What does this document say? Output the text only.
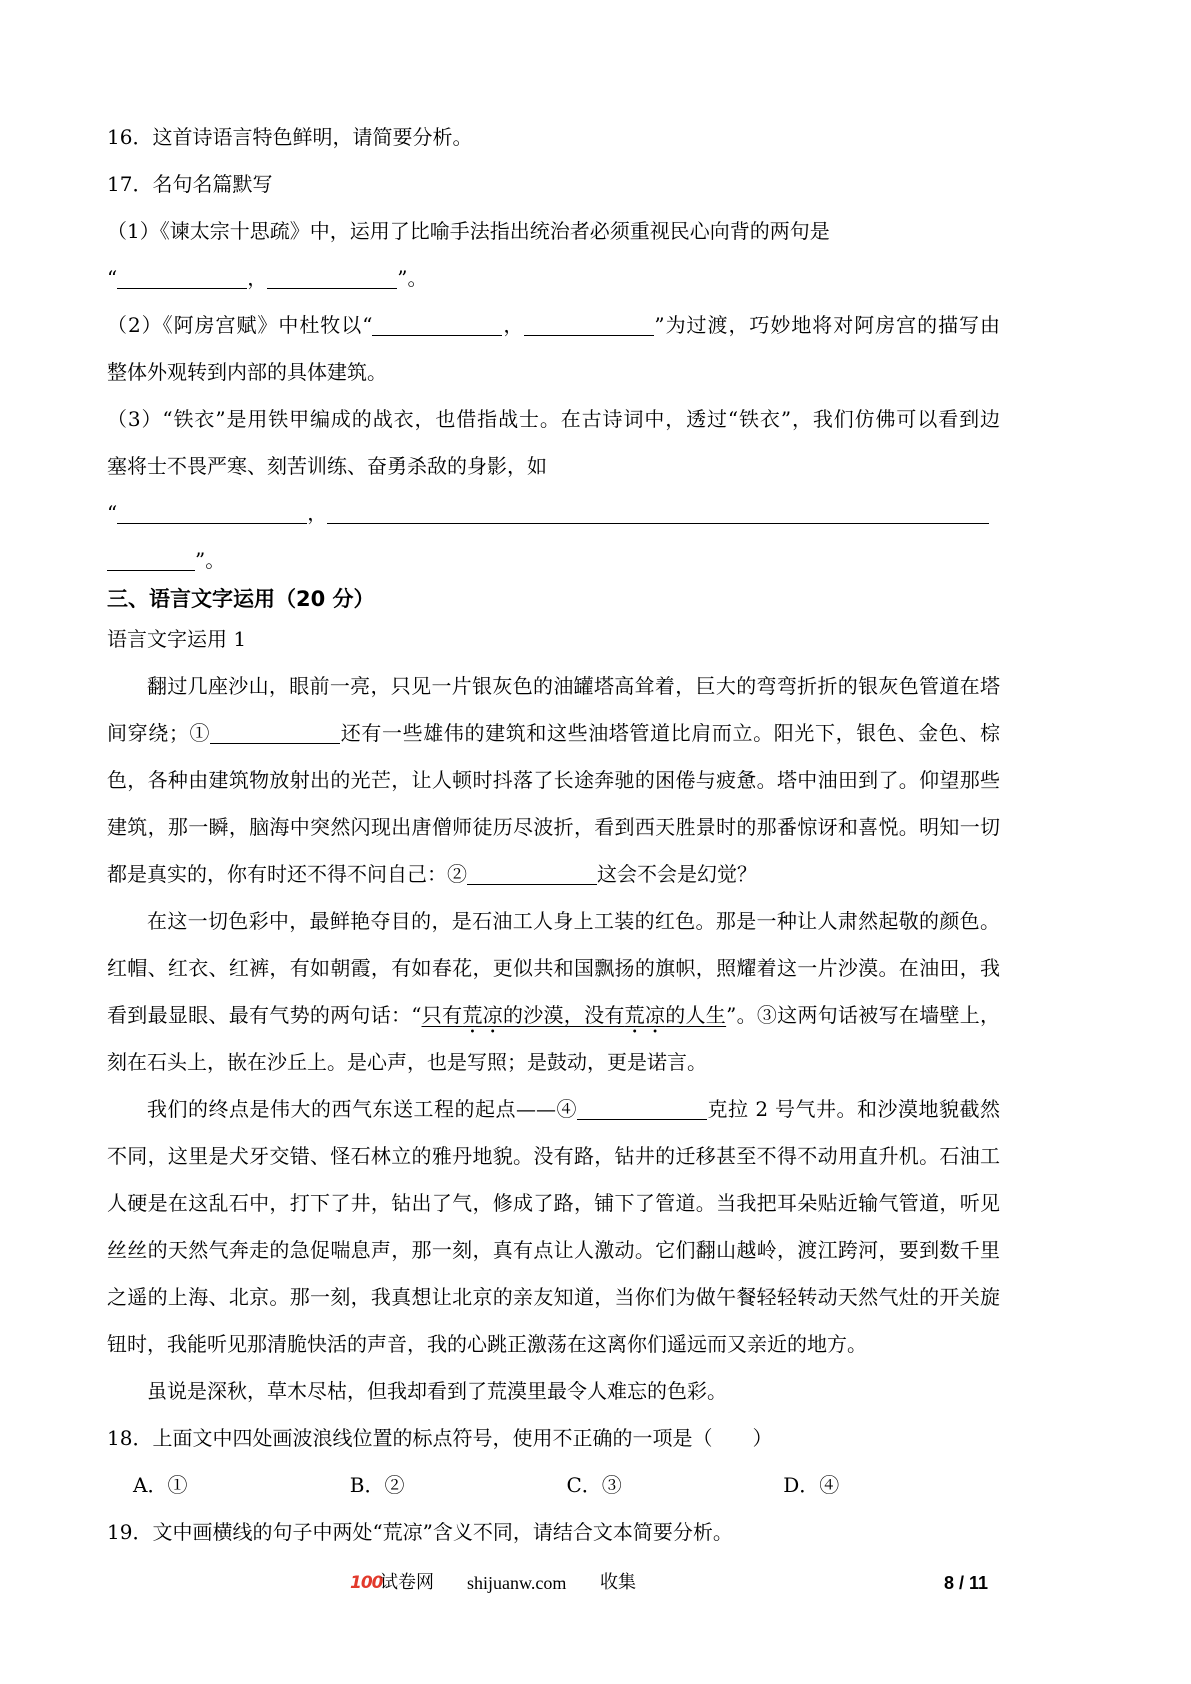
16．这首诗语言特色鲜明，请简要分析。
17．名句名篇默写
（1）《谏太宗十思疏》中，运用了比喻手法指出统治者必须重视民心向背的两句是
“	，	”。
（2）《阿房宫赋》中杜牧以“	，	”为过渡，巧妙地将对阿房宫的描写由
整体外观转到内部的具体建筑。
（3）“铁衣”是用铁甲编成的战衣，也借指战士。在古诗词中，透过“铁衣”，我们仿佛可以看到边
塞将士不畏严寒、刻苦训练、奋勇杀敌的身影，如
“	，
”。
三、语言文字运用（20 分）
语言文字运用 1
翻过几座沙山，眼前一亮，只见一片银灰色的油罐塔高耸着，巨大的弯弯折折的银灰色管道在塔
间穿绕；①	还有一些雄伟的建筑和这些油塔管道比肩而立。阳光下，银色、金色、棕
色，各种由建筑物放射出的光芒，让人顿时抖落了长途奔驰的困倦与疲惫。塔中油田到了。仰望那些
建筑，那一瞬，脑海中突然闪现出唐僧师徒历尽波折，看到西天胜景时的那番惊讶和喜悦。明知一切
都是真实的，你有时还不得不问自己：②	这会不会是幻觉？
在这一切色彩中，最鲜艳夺目的，是石油工人身上工装的红色。那是一种让人肃然起敬的颜色。
红帽、红衣、红裤，有如朝霞，有如春花，更似共和国飘扬的旗帜，照耀着这一片沙漠。在油田，我
看到最显眼、最有气势的两句话：“只有荒凉的沙漠，没有荒凉的人生”。③这两句话被写在墙壁上，
刻在石头上，嵌在沙丘上。是心声，也是写照；是鼓动，更是诺言。
我们的终点是伟大的西气东送工程的起点——④	克拉 2 号气井。和沙漠地貌截然
不同，这里是犬牙交错、怪石林立的雅丹地貌。没有路，钻井的迁移甚至不得不动用直升机。石油工
人硬是在这乱石中，打下了井，钻出了气，修成了路，铺下了管道。当我把耳朵贴近输气管道，听见
丝丝的天然气奔走的急促喘息声，那一刻，真有点让人激动。它们翻山越岭，渡江跨河，要到数千里
之遥的上海、北京。那一刻，我真想让北京的亲友知道，当你们为做午餐轻轻转动天然气灶的开关旋
钮时，我能听见那清脆快活的声音，我的心跳正激荡在这离你们遥远而又亲近的地方。
虽说是深秋，草木尽枯，但我却看到了荒漠里最令人难忘的色彩。
18．上面文中四处画波浪线位置的标点符号，使用不正确的一项是（　　）
A．①	B．②	C．③	D．④
19．文中画横线的句子中两处“荒凉”含义不同，请结合文本简要分析。
100
试卷网 shijuanw.com 收集	8 / 11
